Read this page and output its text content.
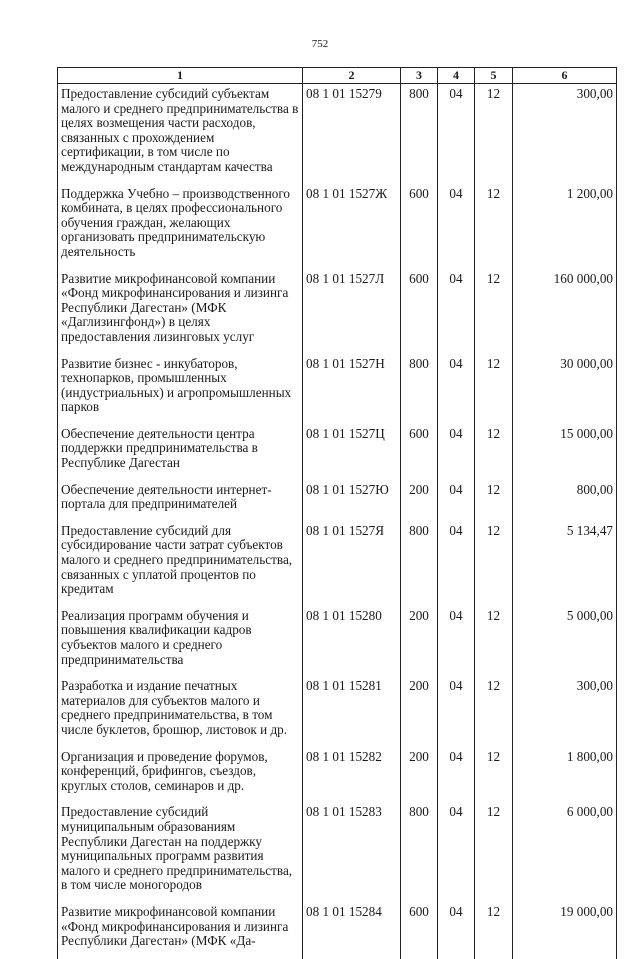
752
1	2	3	4	5	6
Предоставление субсидий субъектам малого и среднего предпринимательства в целях возмещения части расходов, связанных с прохождением сертификации, в том числе по международным стандартам качества	08 1 01 15279	800	04	12	300,00
Поддержка Учебно – производственного комбината, в целях профессионального обучения граждан, желающих организовать предпринимательскую деятельность	08 1 01 1527Ж	600	04	12	1 200,00
Развитие микрофинансовой компании «Фонд микрофинансирования и лизинга Республики Дагестан» (МФК «Даглизингфонд») в целях предоставления лизинговых услуг	08 1 01 1527Л	600	04	12	160 000,00
Развитие бизнес - инкубаторов, технопарков, промышленных (индустриальных) и агропромышленных парков	08 1 01 1527Н	800	04	12	30 000,00
Обеспечение деятельности центра поддержки предпринимательства в Республике Дагестан	08 1 01 1527Ц	600	04	12	15 000,00
Обеспечение деятельности интернет-портала для предпринимателей	08 1 01 1527Ю	200	04	12	800,00
Предоставление субсидий для субсидирование части затрат субъектов малого и среднего предпринимательства, связанных с уплатой процентов по кредитам	08 1 01 1527Я	800	04	12	5 134,47
Реализация программ обучения и повышения квалификации кадров субъектов малого и среднего предпринимательства	08 1 01 15280	200	04	12	5 000,00
Разработка и издание печатных материалов для субъектов малого и среднего предпринимательства, в том числе буклетов, брошюр, листовок и др.	08 1 01 15281	200	04	12	300,00
Организация и проведение форумов, конференций, брифингов, съездов, круглых столов, семинаров и др.	08 1 01 15282	200	04	12	1 800,00
Предоставление субсидий муниципальным образованиям Республики Дагестан на поддержку муниципальных программ развития малого и среднего предпринимательства, в том числе моногородов	08 1 01 15283	800	04	12	6 000,00
Развитие микрофинансовой компании «Фонд микрофинансирования и лизинга Республики Дагестан» (МФК «Да-	08 1 01 15284	600	04	12	19 000,00
